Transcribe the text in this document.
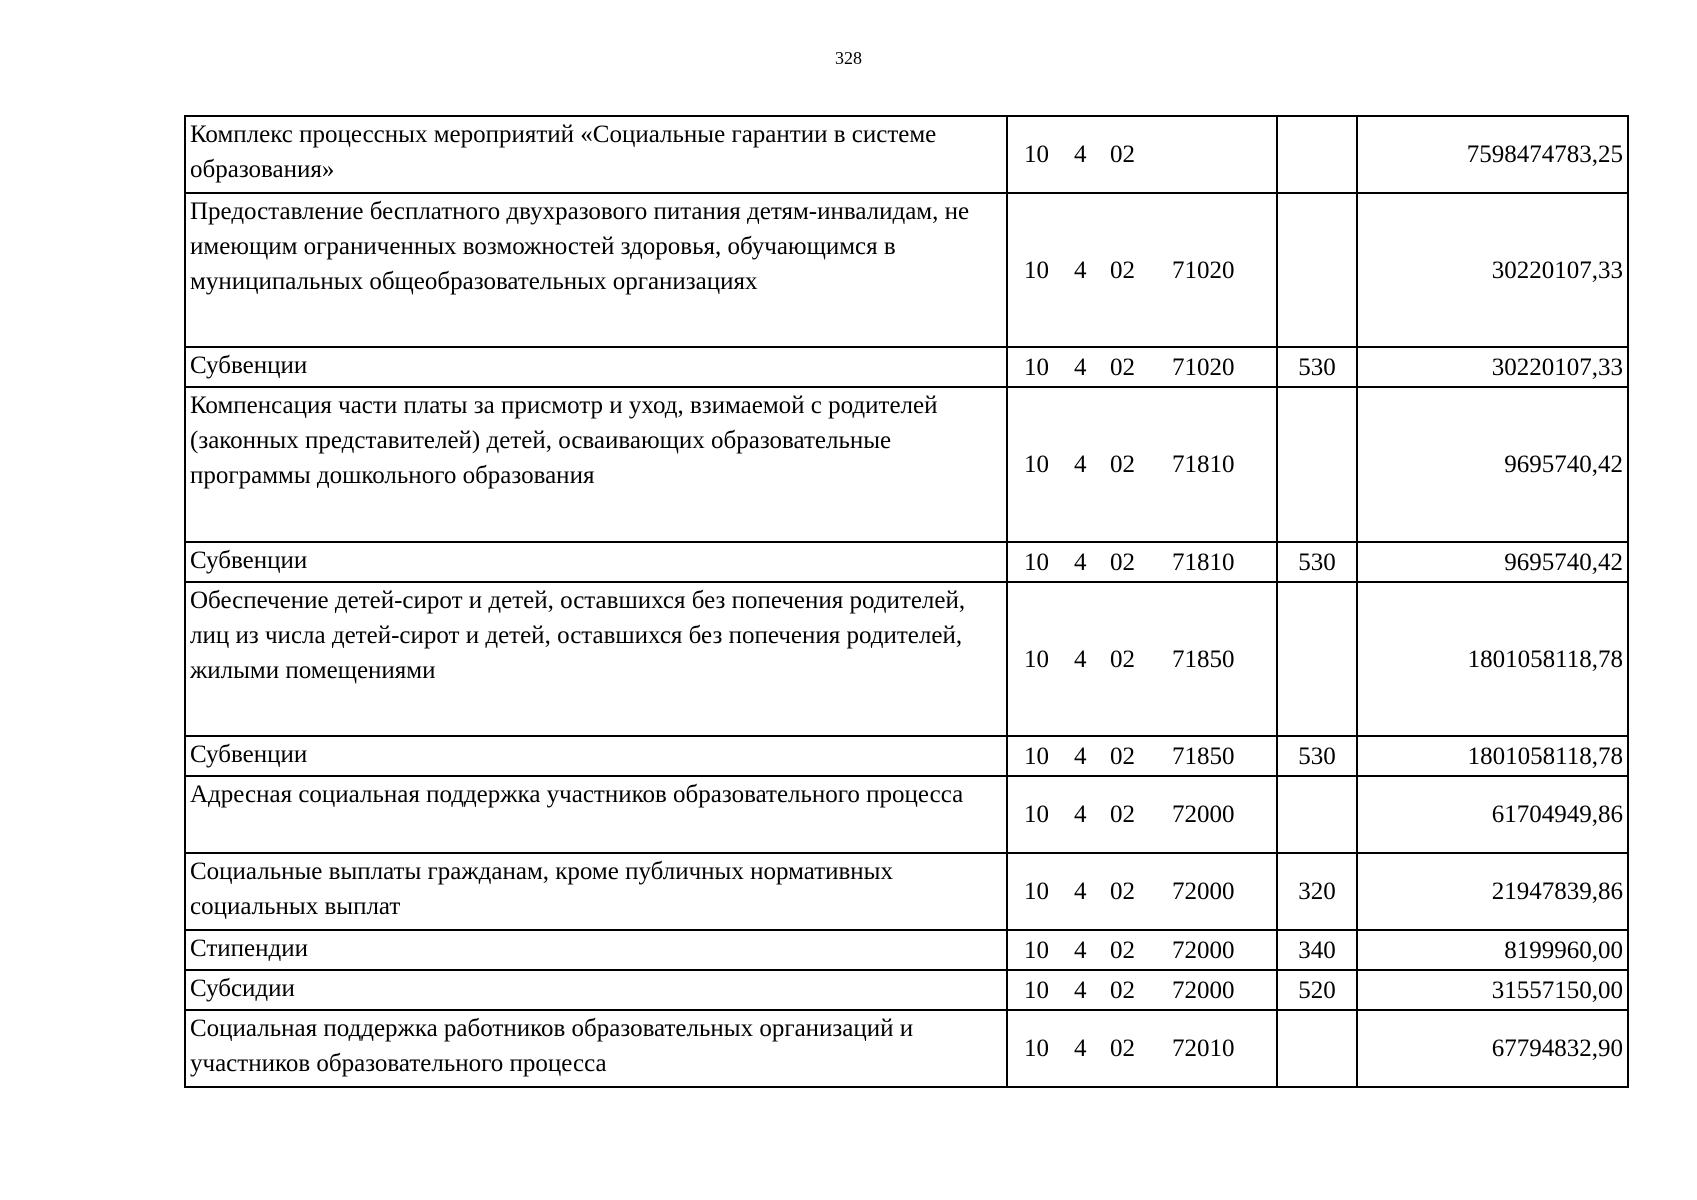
328
Комплекс процессных мероприятий «Социальные гарантии в системе образования»	10 4 02		7598474783,25
Предоставление бесплатного двухразового питания детям-инвалидам, не имеющим ограниченных возможностей здоровья, обучающимся в муниципальных общеобразовательных организациях	10 4 02 71020		30220107,33
Субвенции	10 4 02 71020	530	30220107,33
Компенсация части платы за присмотр и уход, взимаемой с родителей (законных представителей) детей, осваивающих образовательные программы дошкольного образования	10 4 02 71810		9695740,42
Субвенции	10 4 02 71810	530	9695740,42
Обеспечение детей-сирот и детей, оставшихся без попечения родителей, лиц из числа детей-сирот и детей, оставшихся без попечения родителей, жилыми помещениями	10 4 02 71850		1801058118,78
Субвенции	10 4 02 71850	530	1801058118,78
Адресная социальная поддержка участников образовательного процесса	10 4 02 72000		61704949,86
Социальные выплаты гражданам, кроме публичных нормативных социальных выплат	10 4 02 72000	320	21947839,86
Стипендии	10 4 02 72000	340	8199960,00
Субсидии	10 4 02 72000	520	31557150,00
Социальная поддержка работников образовательных организаций и участников образовательного процесса	10 4 02 72010		67794832,90
